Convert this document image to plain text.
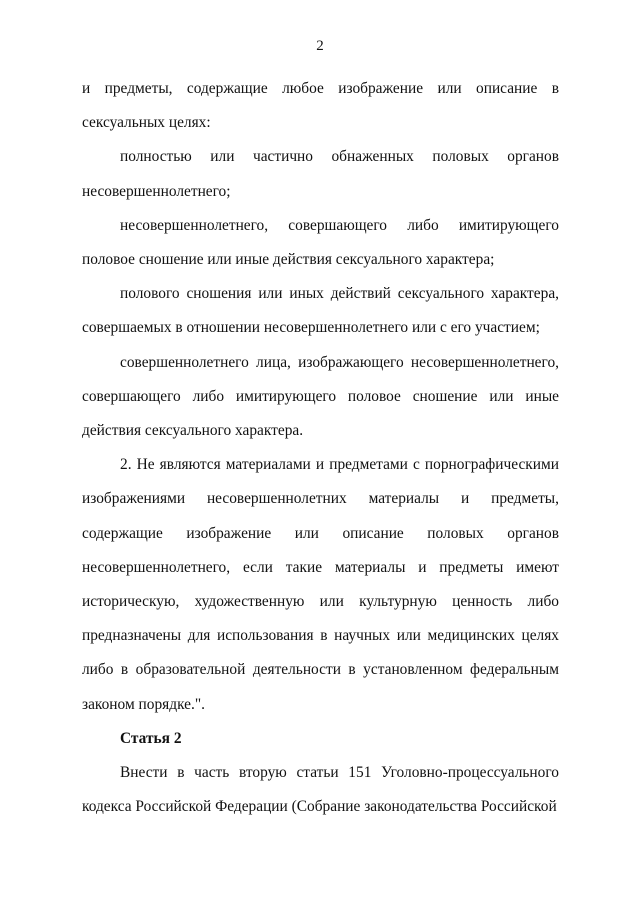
2

и предметы, содержащие любое изображение или описание в сексуальных целях:

полностью или частично обнаженных половых органов несовершеннолетнего;

несовершеннолетнего, совершающего либо имитирующего половое сношение или иные действия сексуального характера;

полового сношения или иных действий сексуального характера, совершаемых в отношении несовершеннолетнего или с его участием;

совершеннолетнего лица, изображающего несовершеннолетнего, совершающего либо имитирующего половое сношение или иные действия сексуального характера.

2. Не являются материалами и предметами с порнографическими изображениями несовершеннолетних материалы и предметы, содержащие изображение или описание половых органов несовершеннолетнего, если такие материалы и предметы имеют историческую, художественную или культурную ценность либо предназначены для использования в научных или медицинских целях либо в образовательной деятельности в установленном федеральным законом порядке.".

Статья 2

Внести в часть вторую статьи 151 Уголовно-процессуального кодекса Российской Федерации (Собрание законодательства Российской
